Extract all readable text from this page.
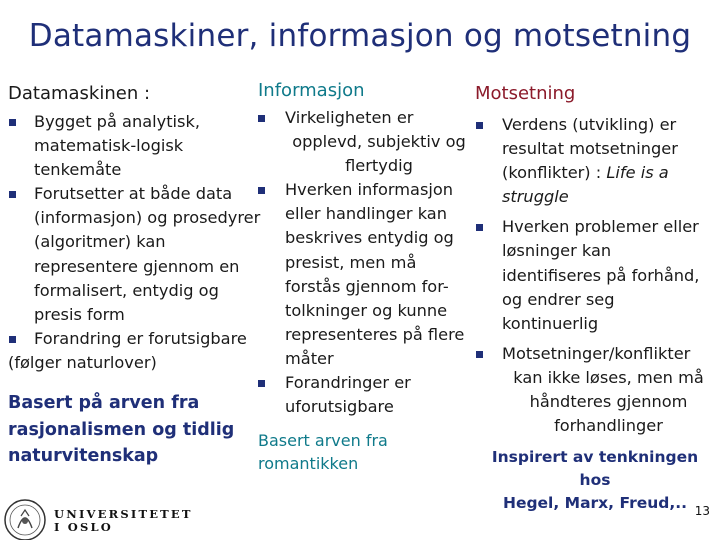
Datamaskiner, informasjon og motsetning
Datamaskinen :
Bygget på analytisk,
matematisk-logisk
tenkemåte
Forutsetter at både data
(informasjon) og prosedyrer
(algoritmer) kan
representere gjennom en
formalisert, entydig og
presis form
Forandring er forutsigbare
(følger naturlover)
Basert på arven fra
rasjonalismen og tidlig
naturvitenskap
Informasjon
Virkeligheten er
opplevd, subjektiv og
flertydig
Hverken informasjon
eller handlinger kan
beskrives entydig og
presist, men må
forstås gjennom for-
tolkninger og kunne
representeres på flere
måter
Forandringer er
uforutsigbare
Basert arven fra
romantikken
Motsetning
Verdens (utvikling) er
resultat motsetninger
(konflikter) : Life is a
struggle
Hverken problemer eller
løsninger kan
identifiseres på forhånd,
og endrer seg
kontinuerlig
Motsetninger/konflikter
kan ikke løses, men må
håndteres gjennom
forhandlinger
Inspirert av tenkningen hos
Hegel, Marx, Freud,..
UNIVERSITETET
I OSLO
13
